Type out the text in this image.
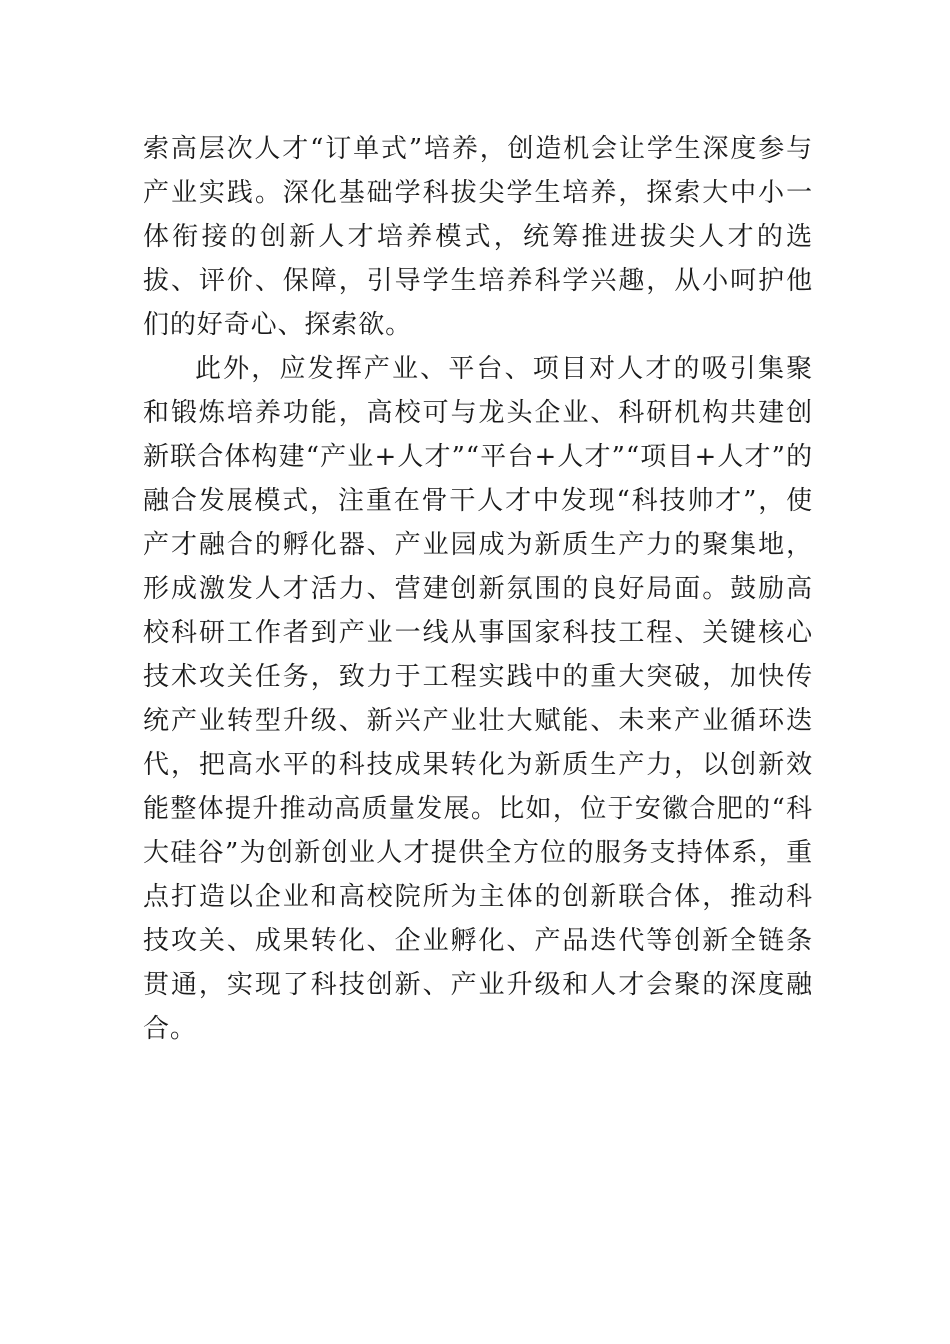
索高层次人才“订单式”培养，创造机会让学生深度参与产业实践。深化基础学科拔尖学生培养，探索大中小一体衔接的创新人才培养模式，统筹推进拔尖人才的选拔、评价、保障，引导学生培养科学兴趣，从小呵护他们的好奇心、探索欲。

此外，应发挥产业、平台、项目对人才的吸引集聚和锻炼培养功能，高校可与龙头企业、科研机构共建创新联合体构建“产业+人才”“平台+人才”“项目+人才”的融合发展模式，注重在骨干人才中发现“科技帅才”，使产才融合的孵化器、产业园成为新质生产力的聚集地，形成激发人才活力、营建创新氛围的良好局面。鼓励高校科研工作者到产业一线从事国家科技工程、关键核心技术攻关任务，致力于工程实践中的重大突破，加快传统产业转型升级、新兴产业壮大赋能、未来产业循环迭代，把高水平的科技成果转化为新质生产力，以创新效能整体提升推动高质量发展。比如，位于安徽合肥的“科大硅谷”为创新创业人才提供全方位的服务支持体系，重点打造以企业和高校院所为主体的创新联合体，推动科技攻关、成果转化、企业孵化、产品迭代等创新全链条贯通，实现了科技创新、产业升级和人才会聚的深度融合。
